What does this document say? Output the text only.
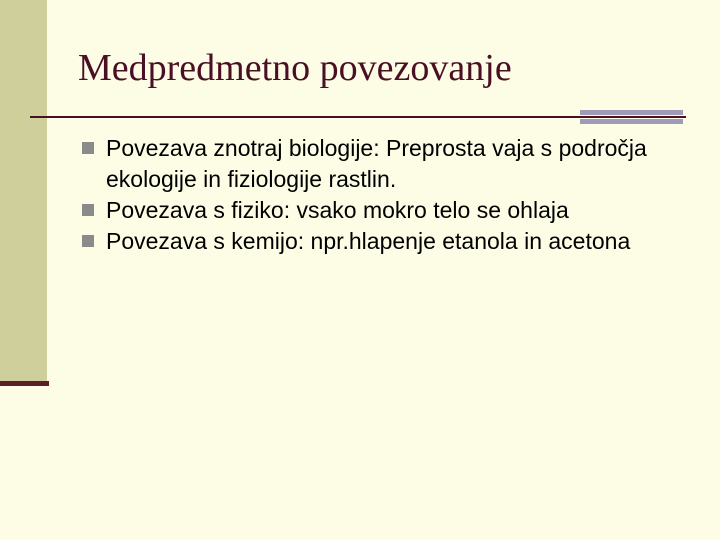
Medpredmetno povezovanje
Povezava znotraj biologije: Preprosta vaja s področja ekologije in fiziologije rastlin.
Povezava s fiziko: vsako mokro telo se ohlaja
Povezava s kemijo: npr.hlapenje etanola in acetona
